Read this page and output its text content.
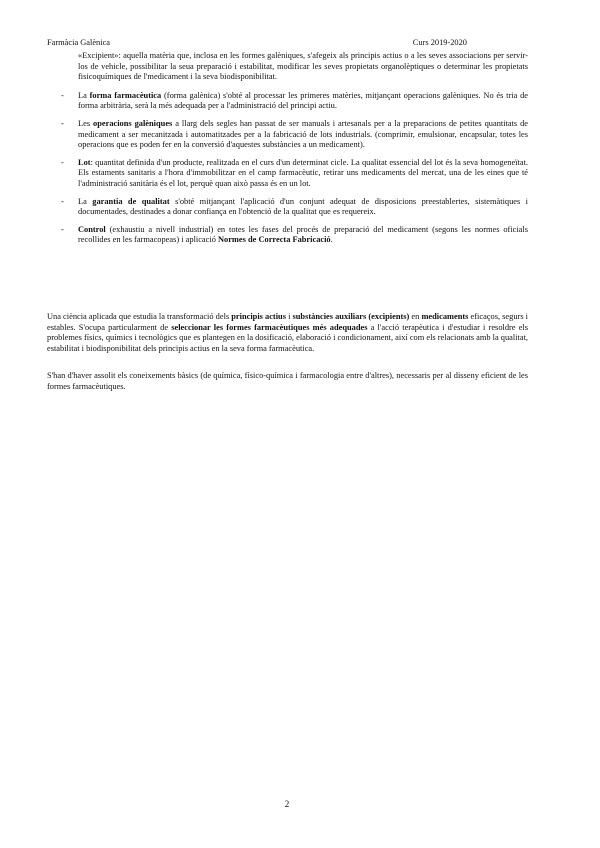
Farmàcia Galènica	Curs 2019-2020

«Excipient»: aquella matèria que, inclosa en les formes galèniques, s'afegeix als principis actius o a les seves associacions per servir-los de vehicle, possibilitar la seua preparació i estabilitat, modificar les seves propietats organolèptiques o determinar les propietats fisicoquímiques de l'medicament i la seva biodisponibilitat.

- La forma farmacèutica (forma galènica) s'obté al processar les primeres matèries, mitjançant operacions galèniques. No és tria de forma arbitrària, serà la més adequada per a l'administració del principi actiu.
- Les operacions galèniques a llarg dels segles han passat de ser manuals i artesanals per a la preparacions de petites quantitats de medicament a ser mecanitzada i automatitzades per a la fabricació de lots industrials. (comprimir, emulsionar, encapsular, totes les operacions que es poden fer en la conversió d'aquestes substàncies a un medicament).
- Lot: quantitat definida d'un producte, realitzada en el curs d'un determinat cicle. La qualitat essencial del lot és la seva homogeneïtat. Els estaments sanitaris a l'hora d'immobilitzar en el camp farmacèutic, retirar uns medicaments del mercat, una de les eines que té l'administració sanitària és el lot, perquè quan això passa és en un lot.
- La garantia de qualitat s'obté mitjançant l'aplicació d'un conjunt adequat de disposicions preestablertes, sistemàtiques i documentades, destinades a donar confiança en l'obtenció de la qualitat que es requereix.
- Control (exhaustiu a nivell industrial) en totes les fases del procés de preparació del medicament (segons les normes oficials recollides en les farmacopeas) i aplicació Normes de Correcta Fabricació.

Una ciència aplicada que estudia la transformació dels principis actius i substàncies auxiliars (excipients) en medicaments eficaços, segurs i estables. S'ocupa particularment de seleccionar les formes farmacèutiques més adequades a l'acció terapèutica i d'estudiar i resoldre els problemes físics, químics i tecnològics que es plantegen en la dosificació, elaboració i condicionament, així com els relacionats amb la qualitat, estabilitat i biodisponibilitat dels principis actius en la seva forma farmacèutica.

S'han d'haver assolit els coneixements bàsics (de química, físico-química i farmacologia entre d'altres), necessaris per al disseny eficient de les formes farmacèutiques.

2
